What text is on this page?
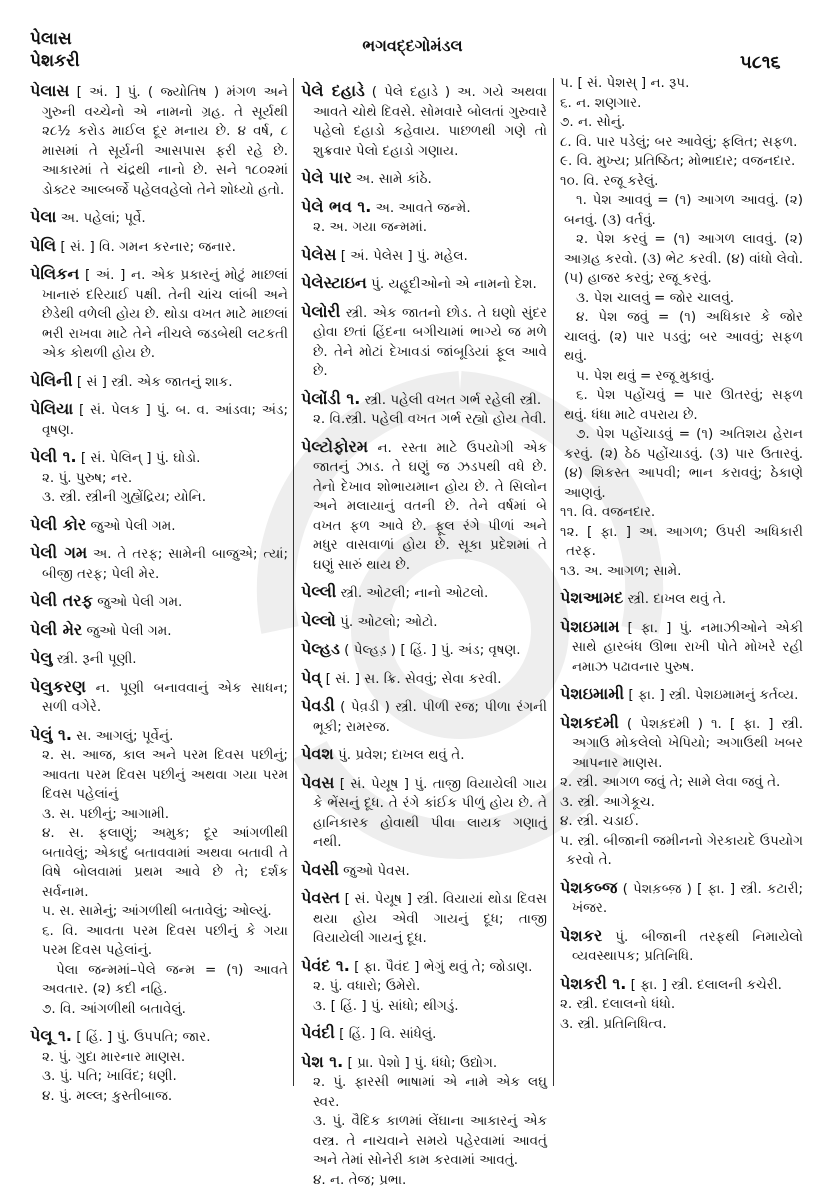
પેલાસ
પેશકરી
ભગવદ્દગોમંડલ
૫૮૧૬

પેલાસ [ અં. ] પું. ( જ્યોતિષ ) મંગળ અને ગુરુની વચ્ચેનો એ નામનો ગ્રહ. તે સૂર્યથી ૨૮½ કરોડ માઈલ દૂર મનાય છે. ૪ વર્ષ, ૮ માસમાં તે સૂર્યની આસપાસ ફરી રહે છે. આકારમાં તે ચંદ્રથી નાનો છે. સને ૧૮૦૨માં ડોક્ટર આલ્બર્જે પહેલવહેલો તેને શોધ્યો હતો.

પેલા અ. પહેલાં; પૂર્વે.

પેલિ [ સં. ] વિ. ગમન કરનાર; જનાર.

પેલિકન [ અં. ] ન. એક પ્રકારનું મોટું માછલાં ખાનારું દરિયાઈ પક્ષી. તેની ચાંચ લાંબી અને છેડેથી વળેલી હોય છે. થોડા વખત માટે માછલાં ભરી રાખવા માટે તેને નીચલે જડબેથી લટકતી એક કોથળી હોય છે.

પેલિની [ સં ] સ્ત્રી. એક જાતનું શાક.

પેલિયા [ સં. પેલક ] પું. બ. વ. આંડવા; અંડ; વૃષણ.

પેલી ૧. [ સં. પેલિન્ ] પું. ઘોડો.

૨. પું. પુરુષ; નર.

૩. સ્ત્રી. સ્ત્રીની ગુહ્યેંદ્રિય; યોનિ.

પેલી કોર જુઓ પેલી ગમ.

પેલી ગમ અ. તે તરફ; સામેની બાજુએ; ત્યાં; બીજી તરફ; પેલી મેર.

પેલી તરફ જુઓ પેલી ગમ.

પેલી મેર જુઓ પેલી ગમ.

પેલુ સ્ત્રી. રૂની પૂણી.

પેલુકરણ ન. પૂણી બનાવવાનું એક સાધન; સળી વગેરે.

પેલું ૧. સ. આગલું; પૂર્વેનું.

૨. સ. આજ, કાલ અને પરમ દિવસ પછીનું; આવતા પરમ દિવસ પછીનું અથવા ગયા પરમ દિવસ પહેલાંનું

૩. સ. પછીનું; આગામી.

૪. સ. ફલાણું; અમુક; દૂર આંગળીથી બતાવેલું; એકાદું બતાવવામાં અથવા બતાવી તે વિષે બોલવામાં પ્રથમ આવે છે તે; દર્શક સર્વનામ.

૫. સ. સામેનું; આંગળીથી બતાવેલું; ઓલ્યું.

૬. વિ. આવતા પરમ દિવસ પછીનું કે ગયા પરમ દિવસ પહેલાંનું.

પેલા જન્મમાં–પેલે જન્મ = (૧) આવતે અવતાર. (૨) કદી નહિ.

૭. વિ. આંગળીથી બતાવેલું.

પેલૂ ૧. [ હિં. ] પું. ઉપપતિ; જાર.

૨. પું. ગુદા મારનાર માણસ.

૩. પું. પતિ; ખાવિંદ; ધણી.

૪. પું. મલ્લ; કુસ્તીબાજ.

પેલે દહાડે ( પેલે દહાડે ) અ. ગયે અથવા આવતે ચોથે દિવસે. સોમવારે બોલતાં ગુરુવારે પહેલો દહાડો કહેવાય. પાછળથી ગણે તો શુક્રવાર પેલો દહાડો ગણાય.

પેલે પાર અ. સામે કાંઠે.

પેલે ભવ ૧. અ. આવતે જન્મે.

૨. અ. ગયા જન્મમાં.

પેલેસ [ અં. પેલેસ ] પું. મહેલ.

પેલેસ્ટાઇન પું. યહૂદીઓનો એ નામનો દેશ.

પેલોરી સ્ત્રી. એક જાતનો છોડ. તે ઘણો સુંદર હોવા છતાં હિંદના બગીચામાં ભાગ્યે જ મળે છે. તેને મોટાં દેખાવડાં જાંબૂડિયાં ફૂલ આવે છે.

પેલોંડી ૧. સ્ત્રી. પહેલી વખત ગર્ભ રહેલી સ્ત્રી.

૨. વિ.સ્ત્રી. પહેલી વખત ગર્ભ રહ્યો હોય તેવી.

પેલ્ટોફોરમ ન. રસ્તા માટે ઉપયોગી એક જાતનું ઝાડ. તે ઘણું જ ઝડપથી વધે છે. તેનો દેખાવ શોભાયમાન હોય છે. તે સિલોન અને મલાયાનું વતની છે. તેને વર્ષમાં બે વખત ફળ આવે છે. ફૂલ રંગે પીળાં અને મધુર વાસવાળાં હોય છે. સૂકા પ્રદેશમાં તે ઘણું સારું થાય છે.

પેલ્લી સ્ત્રી. ઓટલી; નાનો ઓટલો.

પેલ્લો પું. ઓટલો; ઓટો.

પેલ્હડ ( પેલ્હડ઼ ) [ હિં. ] પું. અંડ; વૃષણ.

પેવ્ [ સં. ] સ. ક્રિ. સેવવું; સેવા કરવી.

પેવડી ( પેવ઼ડી ) સ્ત્રી. પીળી રજ; પીળા રંગની ભૂકી; રામરજ.

પેવશ પું. પ્રવેશ; દાખલ થવું તે.

પેવસ [ સં. પેયૂષ ] પું. તાજી વિયાયેલી ગાય કે ભેંસનું દૂધ. તે રંગે કાંઈક પીળું હોય છે. તે હાનિકારક હોવાથી પીવા લાયક ગણાતું નથી.

પેવસી જુઓ પેવસ.

પેવસ્ત [ સં. પેયૂષ ] સ્ત્રી. વિયાયાં થોડા દિવસ થયા હોય એવી ગાયનું દૂધ; તાજી વિયાયેલી ગાયનું દૂધ.

પેવંદ ૧. [ ફા. પૈવંદ ] ભેગું થવું તે; જોડાણ.

૨. પું. વધારો; ઉમેરો.

૩. [ હિં. ] પું. સાંધો; થીગડું.

પેવંદી [ હિં. ] વિ. સાંધેલું.

પેશ ૧. [ પ્રા. પેશો ] પું. ધંધો; ઉદ્યોગ.

૨. પું. ફારસી ભાષામાં એ નામે એક લઘુ સ્વર.

૩. પું. વૈદિક કાળમાં લેંઘાના આકારનું એક વસ્ત્ર. તે નાચવાને સમયે પહેરવામાં આવતું અને તેમાં સોનેરી કામ કરવામાં આવતું.

૪. ન. તેજ; પ્રભા.

૫. [ સં. પેશસ્ ] ન. રૂપ.

૬. ન. શણગાર.

૭. ન. સોનું.

૮. વિ. પાર પડેલું; બર આવેલું; ફલિત; સફળ.

૯. વિ. મુખ્ય; પ્રતિષ્ઠિત; મોભાદાર; વજનદાર.

૧૦. વિ. રજૂ કરેલું.

૧. પેશ આવવું = (૧) આગળ આવવું. (૨) બનવું. (૩) વર્તવું.

૨. પેશ કરવું = (૧) આગળ લાવવું. (૨) આગ્રહ કરવો. (૩) ભેટ કરવી. (૪) વાંધો લેવો. (૫) હાજર કરવું; રજૂ કરવું.

૩. પેશ ચાલવું = જોર ચાલવું.

૪. પેશ જવું = (૧) અધિકાર કે જોર ચાલવું. (૨) પાર પડવું; બર આવવું; સફળ થવું.

૫. પેશ થવું = રજૂ મુકાવું.

૬. પેશ પહોંચવું = પાર ઊતરવું; સફળ થવું. ધંધા માટે વપરાય છે.

૭. પેશ પહોંચાડવું = (૧) અતિશય હેરાન કરવું. (૨) ઠેઠ પહોંચાડવું. (૩) પાર ઉતારવું. (૪) શિકસ્ત આપવી; ભાન કરાવવું; ઠેકાણે આણવું.

૧૧. વિ. વજનદાર.

૧૨. [ ફા. ] અ. આગળ; ઉપરી અધિકારી તરફ.

૧૩. અ. આગળ; સામે.

પેશઆમદ સ્ત્રી. દાખલ થવું તે.

પેશઇમામ [ ફા. ] પું. નમાઝીઓને એકી સાથે હારબંધ ઊભા રાખી પોતે મોખરે રહી નમાઝ પઢાવનાર પુરુષ.

પેશઇમામી [ ફા. ] સ્ત્રી. પેશઇમામનું કર્તવ્ય.

પેશકદમી ( પેશક઼દમી ) ૧. [ ફા. ] સ્ત્રી. અગાઉ મોકલેલો ખેપિયો; અગાઉથી ખબર આપનાર માણસ.

૨. સ્ત્રી. આગળ જવું તે; સામે લેવા જવું તે.

૩. સ્ત્રી. આગેકૂચ.

૪. સ્ત્રી. ચડાઈ.

૫. સ્ત્રી. બીજાની જમીનનો ગેરકાયદે ઉપયોગ કરવો તે.

પેશકબ્જ ( પેશક઼બ્જ઼ ) [ ફા. ] સ્ત્રી. કટારી; ખંજર.

પેશકર પું. બીજાની તરફથી નિમાયેલો વ્યવસ્થાપક; પ્રતિનિધિ.

પેશકરી ૧. [ ફા. ] સ્ત્રી. દલાલની કચેરી.

૨. સ્ત્રી. દલાલનો ધંધો.

૩. સ્ત્રી. પ્રતિનિધિત્વ.
